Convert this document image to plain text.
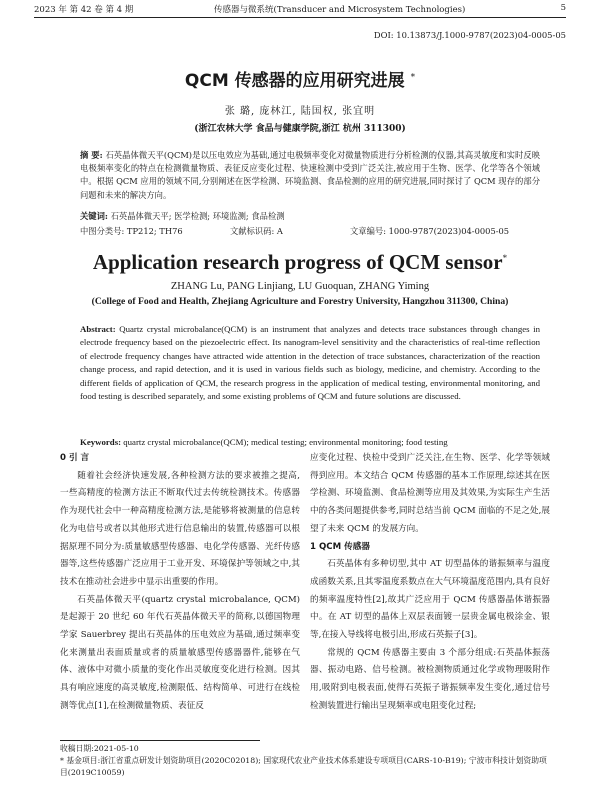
2023 年 第 42 卷 第 4 期	传感器与微系统(Transducer and Microsystem Technologies)	5
DOI: 10.13873/J.1000-9787(2023)04-0005-05
QCM 传感器的应用研究进展 *
张 璐, 庞林江, 陆国权, 张宜明
(浙江农林大学 食品与健康学院,浙江 杭州 311300)
摘 要: 石英晶体微天平(QCM)是以压电效应为基础,通过电极频率变化对微量物质进行分析检测的仪器,其高灵敏度和实时反映电极频率变化的特点在检测微量物质、表征反应变化过程、快速检测中受到广泛关注,被应用于生物、医学、化学等各个领域中。根据 QCM 应用的领域不同,分别阐述在医学检测、环境监测、食品检测的应用的研究进展,同时探讨了 QCM 现存的部分问题和未来的解决方向。
关键词: 石英晶体微天平; 医学检测; 环境监测; 食品检测
中图分类号: TP212; TH76	文献标识码: A	文章编号: 1000-9787(2023)04-0005-05
Application research progress of QCM sensor*
ZHANG Lu, PANG Linjiang, LU Guoquan, ZHANG Yiming
(College of Food and Health, Zhejiang Agriculture and Forestry University, Hangzhou 311300, China)
Abstract: Quartz crystal microbalance(QCM) is an instrument that analyzes and detects trace substances through changes in electrode frequency based on the piezoelectric effect. Its nanogram-level sensitivity and the characteristics of real-time reflection of electrode frequency changes have attracted wide attention in the detection of trace substances, characterization of the reaction change process, and rapid detection, and it is used in various fields such as biology, medicine, and chemistry. According to the different fields of application of QCM, the research progress in the application of medical testing, environmental monitoring, and food testing is described separately, and some existing problems of QCM and future solutions are discussed.
Keywords: quartz crystal microbalance(QCM); medical testing; environmental monitoring; food testing

0 引 言

随着社会经济快速发展,各种检测方法的要求被推之提高, 一些高精度的检测方法正不断取代过去传统检测技术。传感器作为现代社会中一种高精度检测方法,是能够将被测量的信息转化为电信号或者以其他形式进行信息输出的装置,传感器可以根据原理不同分为:质量敏感型传感器、电化学传感器、光纤传感器等,这些传感器广泛应用于工业开发、环境保护等领域之中,其技术在推动社会进步中显示出重要的作用。

石英晶体微天平(quartz crystal microbalance, QCM)是起源于 20 世纪 60 年代石英晶体微天平的简称,以德国物理学家 Sauerbrey 提出石英晶体的压电效应为基础,通过频率变化来测量出表面质量或者的质量敏感型传感器器件,能够在气体、液体中对微小质量的变化作出灵敏度变化进行检测。因其具有响应速度的高灵敏度,检测限低、结构简单、可进行在线检测等优点[1],在检测微量物质、表征反

应变化过程、快检中受到广泛关注,在生物、医学、化学等领域得到应用。本文结合 QCM 传感器的基本工作原理,综述其在医学检测、环境监测、食品检测等应用及其效果,为实际生产生活中的各类问题提供参考,同时总结当前 QCM 面临的不足之处,展望了未来 QCM 的发展方向。

1 QCM 传感器

石英晶体有多种切型,其中 AT 切型晶体的谐振频率与温度成函数关系,且其零温度系数点在大气环境温度范围内,具有良好的频率温度特性[2],故其广泛应用于 QCM 传感器晶体谐振器中。在 AT 切型的晶体上双层表面镀一层贵金属电极涂金、银等,在接入导线将电极引出,形成石英振子[3]。

常规的 QCM 传感器主要由 3 个部分组成:石英晶体振荡器、振动电路、信号检测。被检测物质通过化学或物理吸附作用,吸附到电极表面,使得石英振子谐振频率发生变化,通过信号检测装置进行输出呈现频率或电阻变化过程;

收稿日期:2021-05-10

* 基金项目:浙江省重点研发计划资助项目(2020C02018); 国家现代农业产业技术体系建设专项项目(CARS-10-B19); 宁波市科技计划资助项目(2019C10059)
